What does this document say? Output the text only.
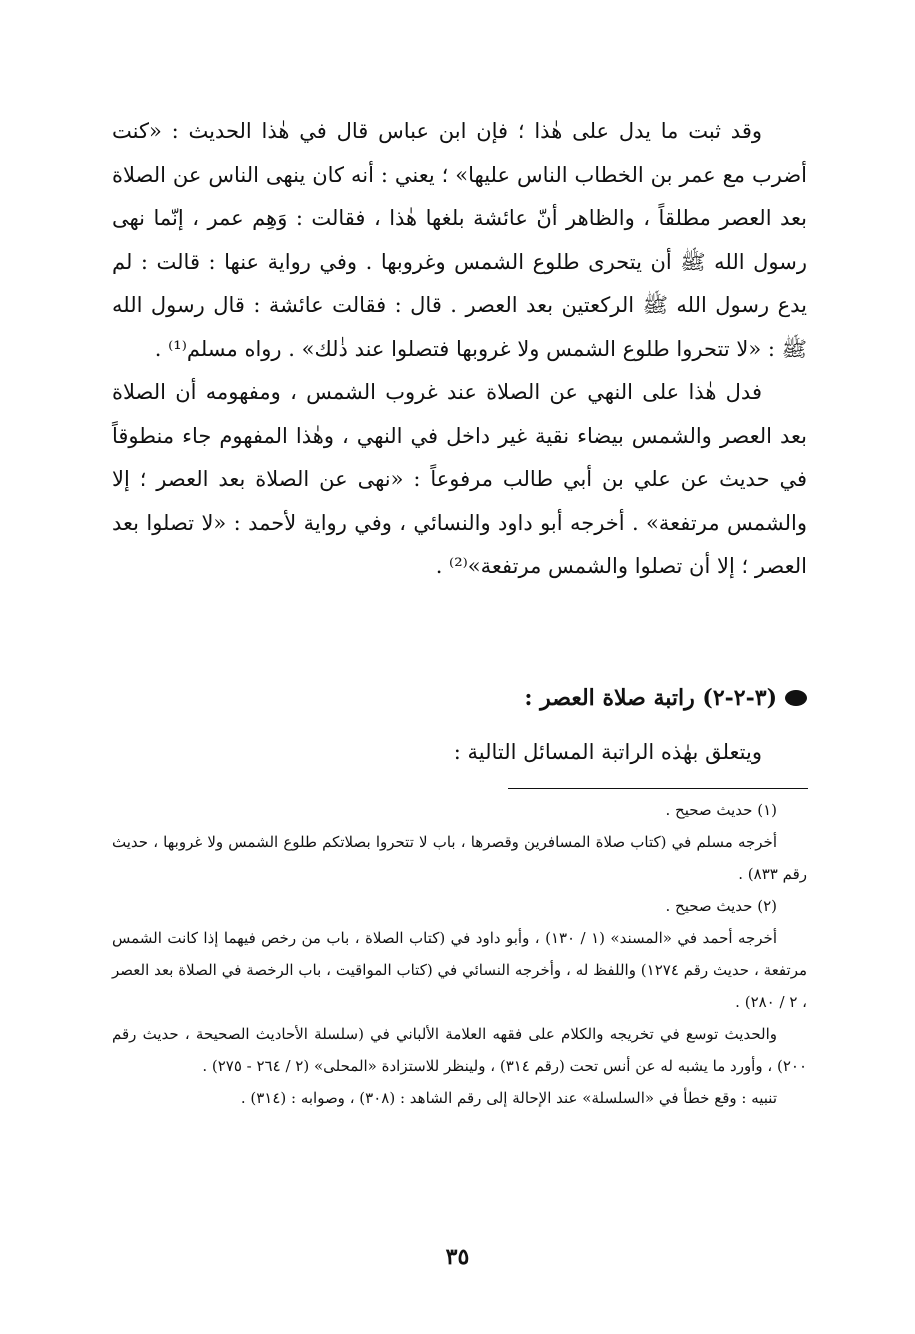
وقد ثبت ما يدل على هٰذا ؛ فإن ابن عباس قال في هٰذا الحديث : «كنت أضرب مع عمر بن الخطاب الناس عليها» ؛ يعني : أنه كان ينهى الناس عن الصلاة بعد العصر مطلقاً ، والظاهر أنّ عائشة بلغها هٰذا ، فقالت : وَهِم عمر ، إنّما نهى رسول الله ﷺ أن يتحرى طلوع الشمس وغروبها . وفي رواية عنها : قالت : لم يدع رسول الله ﷺ الركعتين بعد العصر . قال : فقالت عائشة : قال رسول الله ﷺ : «لا تتحروا طلوع الشمس ولا غروبها فتصلوا عند ذٰلك» . رواه مسلم⁽¹⁾ .

فدل هٰذا على النهي عن الصلاة عند غروب الشمس ، ومفهومه أن الصلاة بعد العصر والشمس بيضاء نقية غير داخل في النهي ، وهٰذا المفهوم جاء منطوقاً في حديث عن علي بن أبي طالب مرفوعاً : «نهى عن الصلاة بعد العصر ؛ إلا والشمس مرتفعة» . أخرجه أبو داود والنسائي ، وفي رواية لأحمد : «لا تصلوا بعد العصر ؛ إلا أن تصلوا والشمس مرتفعة»⁽²⁾ .

(٣-٢-٢) راتبة صلاة العصر :
ويتعلق بهٰذه الراتبة المسائل التالية :

(١) حديث صحيح .

أخرجه مسلم في (كتاب صلاة المسافرين وقصرها ، باب لا تتحروا بصلاتكم طلوع الشمس ولا غروبها ، حديث رقم ٨٣٣) .

(٢) حديث صحيح .

أخرجه أحمد في «المسند» (١ / ١٣٠) ، وأبو داود في (كتاب الصلاة ، باب من رخص فيهما إذا كانت الشمس مرتفعة ، حديث رقم ١٢٧٤) واللفظ له ، وأخرجه النسائي في (كتاب المواقيت ، باب الرخصة في الصلاة بعد العصر ، ٢ / ٢٨٠) .

والحديث توسع في تخريجه والكلام على فقهه العلامة الألباني في (سلسلة الأحاديث الصحيحة ، حديث رقم ٢٠٠) ، وأورد ما يشبه له عن أنس تحت (رقم ٣١٤) ، ولينظر للاستزادة «المحلى» (٢ / ٢٦٤ - ٢٧٥) .

تنبيه : وقع خطأ في «السلسلة» عند الإحالة إلى رقم الشاهد : (٣٠٨) ، وصوابه : (٣١٤) .

٣٥
